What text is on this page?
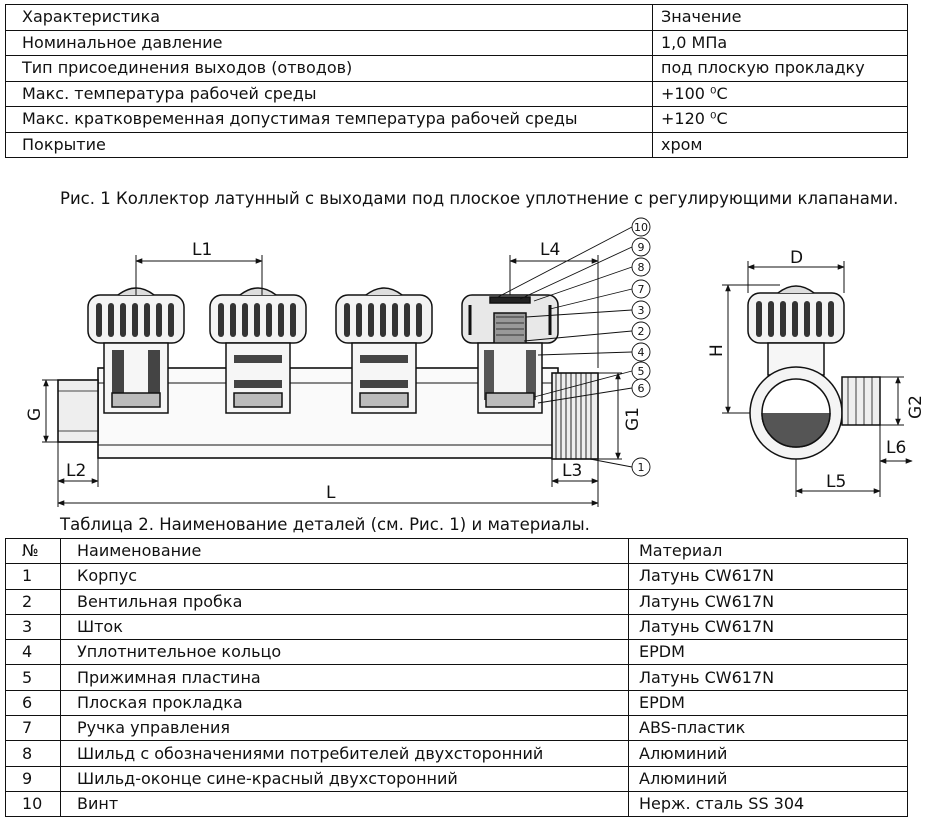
Характеристика	Значение
Номинальное давление	1,0 МПа
Тип присоединения выходов (отводов)	под плоскую прокладку
Макс. температура рабочей среды	+100 ⁰С
Макс. кратковременная допустимая температура рабочей среды	+120 ⁰С
Покрытие	хром
Рис. 1 Коллектор латунный с выходами под плоское уплотнение с регулирующими клапанами.
L1	L4
G	G1
L2	L3
L
10
9
8
7
3
2
4
5
6
1
D
H
G2
L6
L5
Таблица 2. Наименование деталей (см. Рис. 1) и материалы.
№	Наименование	Материал
1	Корпус	Латунь CW617N
2	Вентильная пробка	Латунь CW617N
3	Шток	Латунь CW617N
4	Уплотнительное кольцо	EPDM
5	Прижимная пластина	Латунь CW617N
6	Плоская прокладка	EPDM
7	Ручка управления	ABS-пластик
8	Шильд с обозначениями потребителей двухсторонний	Алюминий
9	Шильд-оконце сине-красный двухсторонний	Алюминий
10	Винт	Нерж. сталь SS 304
